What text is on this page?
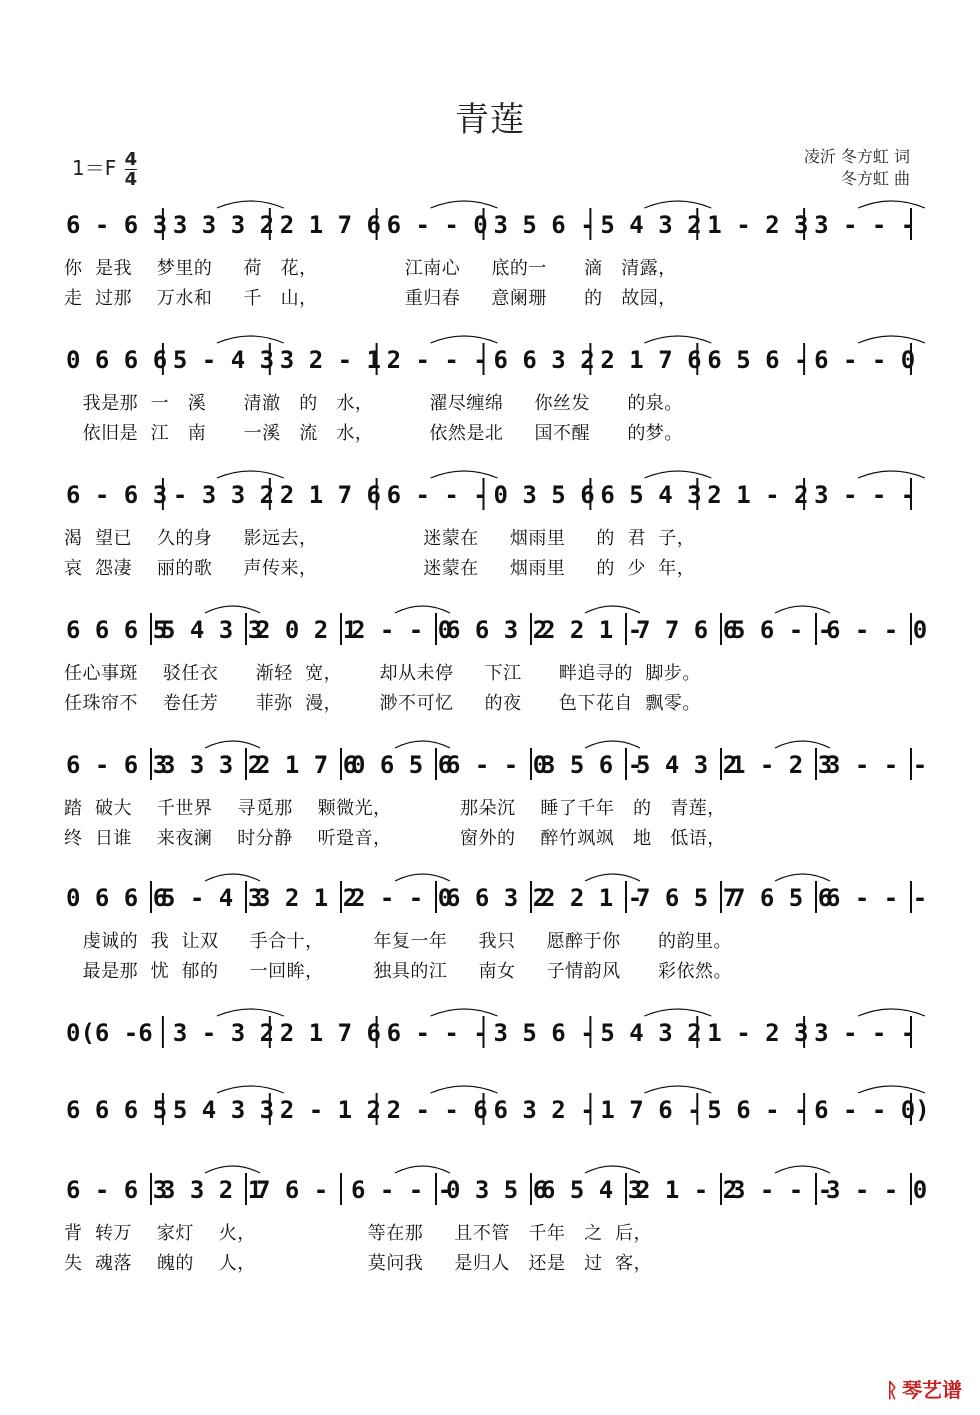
青莲
$1=F \frac{4}{4}$	凌沂 冬方虹 词
冬方虹 曲
6 - 6 3 3 3 3 2 2 1 7 6 6 - - 0 3 5 6 - 5 4 3 2 1 - 2 3 3 - - -
你  是我    梦里的     荷   花，              江南心     底的一      滴   清露，
走  过那    万水和     千   山，              重归春     意阑珊      的   故园，
0 6 6 6 5 - 4 3 3 2 - 1 2 - - - 6 6 3 2 2 1 7 6 6 5 6 - 6 - - 0
我是那  一   溪      清澈   的   水，         濯尽缠绵     你丝发      的泉。
依旧是  江   南      一溪   流   水，         依然是北     国不醒      的梦。
6 - 6 3 - 3 3 2 2 1 7 6 6 - - - 0 3 5 6 6 5 4 3 2 1 - 2 3 - - -
渴  望已    久的身     影远去，                 迷蒙在     烟雨里     的  君  子，
哀  怨凄    丽的歌     声传来，                 迷蒙在     烟雨里     的  少  年，
6 6 6 5
5 4 3 3
2 0 2 1
2 - - 0
6 6 3 2
2 2 1 -
7 7 6 6
5 6 - -
6 - - 0
任心事斑    驳任衣      渐轻  宽，      却从未停     下江      畔追寻的  脚步。
任珠帘不    卷任芳      菲弥  漫，      渺不可忆     的夜      色下花自  飘零。
6 - 6 3
3 3 3 2
2 1 7 6
0 6 5 6
6 - - 0
3 5 6 -
5 4 3 2
1 - 2 3
3 - - -
踏  破大    千世界    寻觅那    颗微光，           那朵沉    睡了千年   的   青莲，
终  日谁    来夜澜    时分静    听跫音，           窗外的    醉竹飒飒   地   低语，
0 6 6 6
5 - 4 3
3 2 1 2
2 - - 0
6 6 3 2
2 2 1 -
7 6 5 7
7 6 5 6
6 - - -
虔诚的  我  让双     手合十，        年复一年     我只     愿醉于你      的韵里。
最是那  忧  郁的     一回眸，        独具的江     南女     子情韵风      彩依然。
0(6 -6 3 - 3 2 2 1 7 6 6 - - - 3 5 6 - 5 4 3 2 1 - 2 3 3 - - -
6 6 6 5 5 4 3 3 2 - 1 2 2 - - 6 6 3 2 - 1 7 6 - 5 6 - - 6 - - 0)
6 - 6 3
3 3 2 1
7 6 - 6 - - -
0 3 5 6
6 5 4 3
2 1 - 2
3 - - -
3 - - 0
背  转万    家灯    火，                  等在那     且不管   千年   之  后，
失  魂落    魄的    人，                  莫问我     是归人   还是   过  客，
ᚱ 琴艺谱
